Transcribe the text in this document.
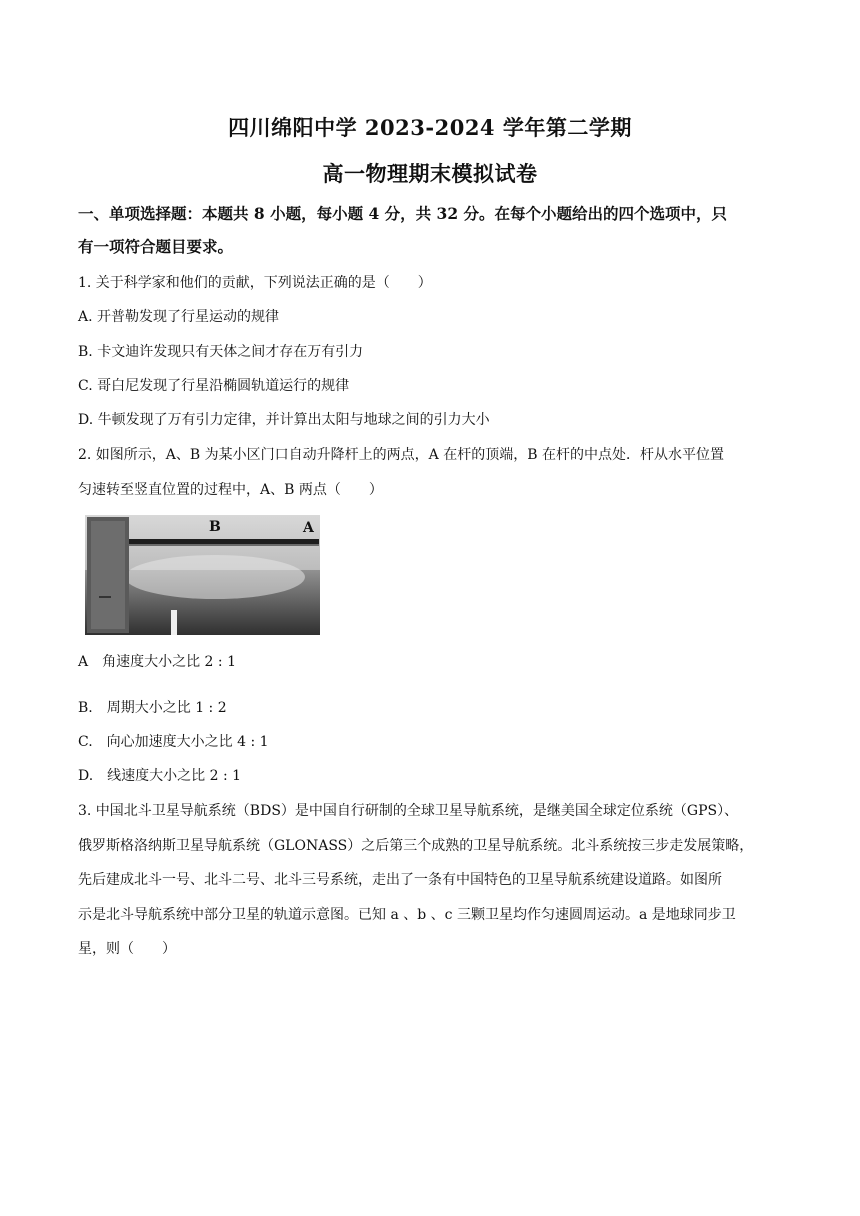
四川绵阳中学 2023-2024 学年第二学期
高一物理期末模拟试卷
一、单项选择题：本题共 8 小题，每小题 4 分，共 32 分。在每个小题给出的四个选项中，只
有一项符合题目要求。
1. 关于科学家和他们的贡献，下列说法正确的是（　　）
A. 开普勒发现了行星运动的规律
B. 卡文迪许发现只有天体之间才存在万有引力
C. 哥白尼发现了行星沿椭圆轨道运行的规律
D. 牛顿发现了万有引力定律，并计算出太阳与地球之间的引力大小
2. 如图所示，A、B 为某小区门口自动升降杆上的两点，A 在杆的顶端，B 在杆的中点处．杆从水平位置
匀速转至竖直位置的过程中，A、B 两点（　　）
B	A
A　角速度大小之比 2 : 1
B.　周期大小之比 1 : 2
C.　向心加速度大小之比 4 : 1
D.　线速度大小之比 2 : 1
3. 中国北斗卫星导航系统（BDS）是中国自行研制的全球卫星导航系统，是继美国全球定位系统（GPS）、
俄罗斯格洛纳斯卫星导航系统（GLONASS）之后第三个成熟的卫星导航系统。北斗系统按三步走发展策略，
先后建成北斗一号、北斗二号、北斗三号系统，走出了一条有中国特色的卫星导航系统建设道路。如图所
示是北斗导航系统中部分卫星的轨道示意图。已知 a 、b 、c 三颗卫星均作匀速圆周运动。a 是地球同步卫
星，则（　　）
